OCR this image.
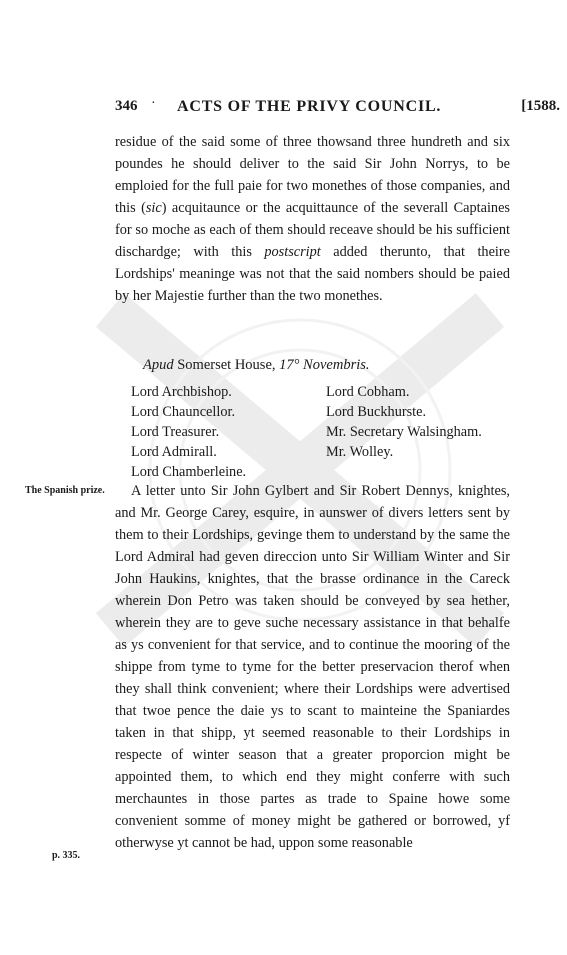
346 · ACTS OF THE PRIVY COUNCIL.	[1588.

residue of the said some of three thowsand three hundreth and six poundes he should deliver to the said Sir John Norrys, to be emploied for the full paie for two monethes of those companies, and this (sic) acquitaunce or the acquittaunce of the severall Captaines for so moche as each of them should receave should be his sufficient dischardge; with this postscript added therunto, that theire Lordships' meaninge was not that the said nombers should be paied by her Majestie further than the two monethes.

Apud Somerset House, 17° Novembris.
Lord Archbishop.
Lord Chauncellor.
Lord Treasurer.
Lord Admirall.
Lord Chamberleine.
Lord Cobham.
Lord Buckhurste.
Mr. Secretary Walsingham.
Mr. Wolley.
The Spanish prize.
p. 335.

A letter unto Sir John Gylbert and Sir Robert Dennys, knightes, and Mr. George Carey, esquire, in aunswer of divers letters sent by them to their Lordships, gevinge them to understand by the same the Lord Admiral had geven direccion unto Sir William Winter and Sir John Haukins, knightes, that the brasse ordinance in the Careck wherein Don Petro was taken should be conveyed by sea hether, wherein they are to geve suche necessary assistance in that behalfe as ys convenient for that service, and to continue the mooring of the shippe from tyme to tyme for the better preservacion therof when they shall think convenient; where their Lordships were advertised that twoe pence the daie ys to scant to mainteine the Spaniardes taken in that shipp, yt seemed reasonable to their Lordships in respecte of winter season that a greater proporcion might be appointed them, to which end they might conferre with such merchauntes in those partes as trade to Spaine howe some convenient somme of money might be gathered or borrowed, yf otherwyse yt cannot be had, uppon some reasonable
